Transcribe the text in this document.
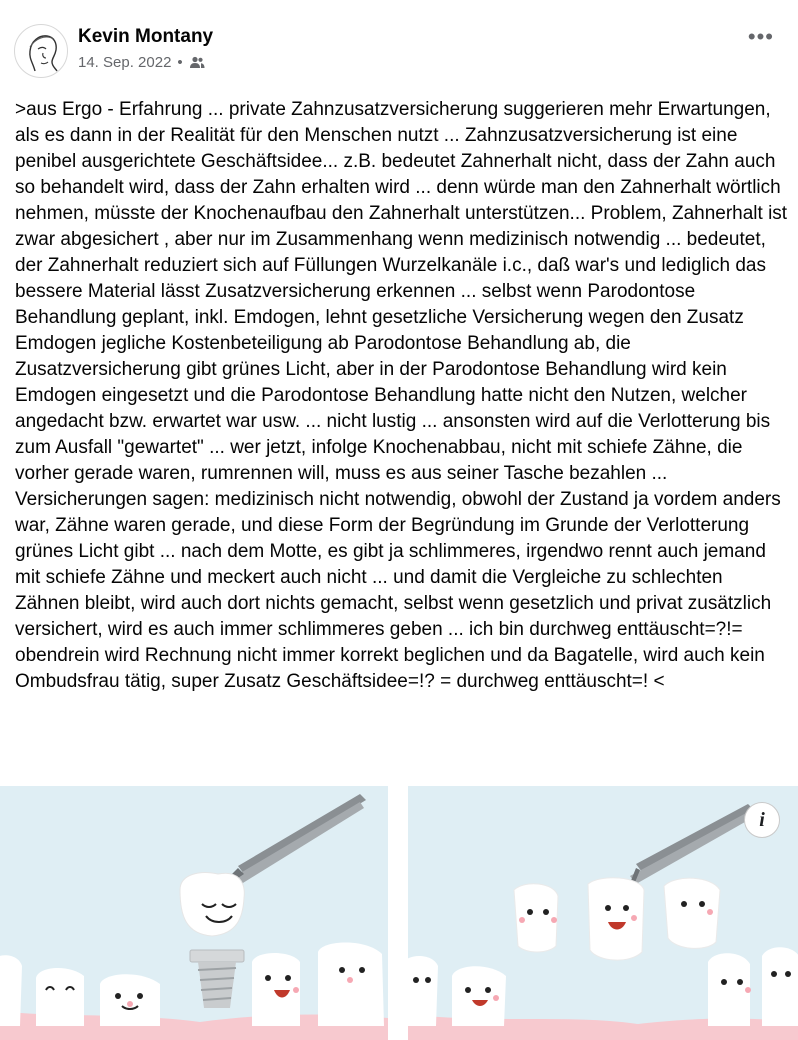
Kevin Montany
14. Sep. 2022 •
•••
>aus Ergo - Erfahrung ... private Zahnzusatzversicherung suggerieren mehr Erwartungen, als es dann in der Realität für den Menschen nutzt ... Zahnzusatzversicherung ist eine penibel ausgerichtete Geschäftsidee... z.B. bedeutet Zahnerhalt nicht, dass der Zahn auch so behandelt wird, dass der Zahn erhalten wird ... denn würde man den Zahnerhalt wörtlich nehmen, müsste der Knochenaufbau den Zahnerhalt unterstützen... Problem, Zahnerhalt ist zwar abgesichert , aber nur im Zusammenhang wenn medizinisch notwendig ... bedeutet, der Zahnerhalt reduziert sich auf Füllungen Wurzelkanäle i.c., daß war's und lediglich das bessere Material lässt Zusatzversicherung erkennen ... selbst wenn Parodontose Behandlung geplant, inkl. Emdogen, lehnt gesetzliche Versicherung wegen den Zusatz Emdogen jegliche Kostenbeteiligung ab Parodontose Behandlung ab, die Zusatzversicherung gibt grünes Licht, aber in der Parodontose Behandlung wird kein Emdogen eingesetzt und die Parodontose Behandlung hatte nicht den Nutzen, welcher angedacht bzw. erwartet war usw. ... nicht lustig ... ansonsten wird auf die Verlotterung bis zum Ausfall "gewartet" ... wer jetzt, infolge Knochenabbau, nicht mit schiefe Zähne, die vorher gerade waren, rumrennen will, muss es aus seiner Tasche bezahlen ... Versicherungen sagen: medizinisch nicht notwendig, obwohl der Zustand ja vordem anders war, Zähne waren gerade, und diese Form der Begründung im Grunde der Verlotterung grünes Licht gibt ... nach dem Motte, es gibt ja schlimmeres, irgendwo rennt auch jemand mit schiefe Zähne und meckert auch nicht ... und damit die Vergleiche zu schlechten Zähnen bleibt, wird auch dort nichts gemacht, selbst wenn gesetzlich und privat zusätzlich versichert, wird es auch immer schlimmeres geben ... ich bin durchweg enttäuscht=?!= obendrein wird Rechnung nicht immer korrekt beglichen und da Bagatelle, wird auch kein Ombudsfrau tätig, super Zusatz Geschäftsidee=!? = durchweg enttäuscht=! <
i
